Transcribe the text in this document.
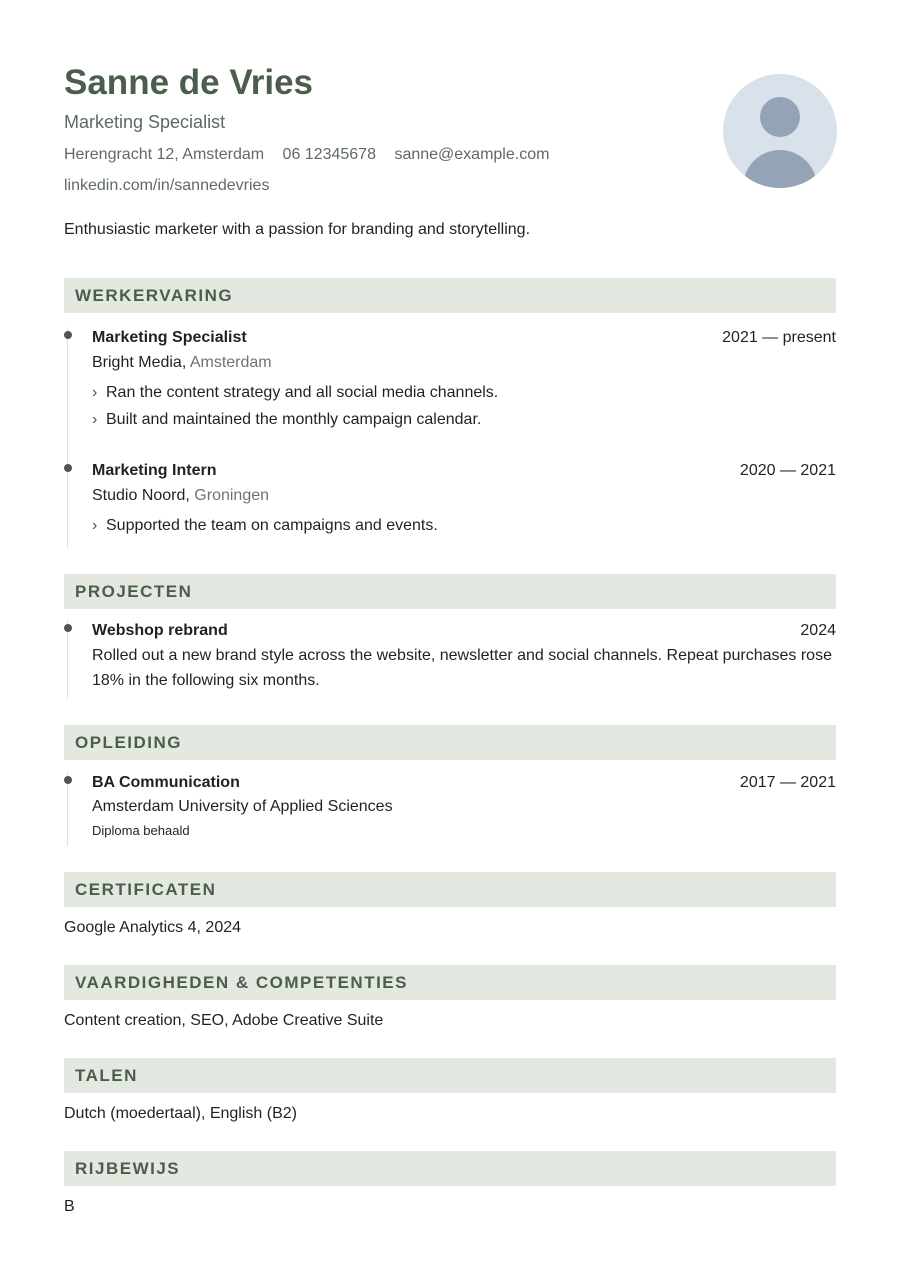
Sanne de Vries
Marketing Specialist
Herengracht 12, Amsterdam 06 12345678 sanne@example.com
linkedin.com/in/sannedevries
Enthusiastic marketer with a passion for branding and storytelling.
WERKERVARING
Marketing Specialist	2021 — present
Bright Media, Amsterdam
› Ran the content strategy and all social media channels.
› Built and maintained the monthly campaign calendar.
Marketing Intern	2020 — 2021
Studio Noord, Groningen
› Supported the team on campaigns and events.
PROJECTEN
Webshop rebrand	2024
Rolled out a new brand style across the website, newsletter and social channels. Repeat purchases rose 18% in the following six months.
OPLEIDING
BA Communication	2017 — 2021
Amsterdam University of Applied Sciences
Diploma behaald
CERTIFICATEN
Google Analytics 4, 2024
VAARDIGHEDEN & COMPETENTIES
Content creation, SEO, Adobe Creative Suite
TALEN
Dutch (moedertaal), English (B2)
RIJBEWIJS
B
